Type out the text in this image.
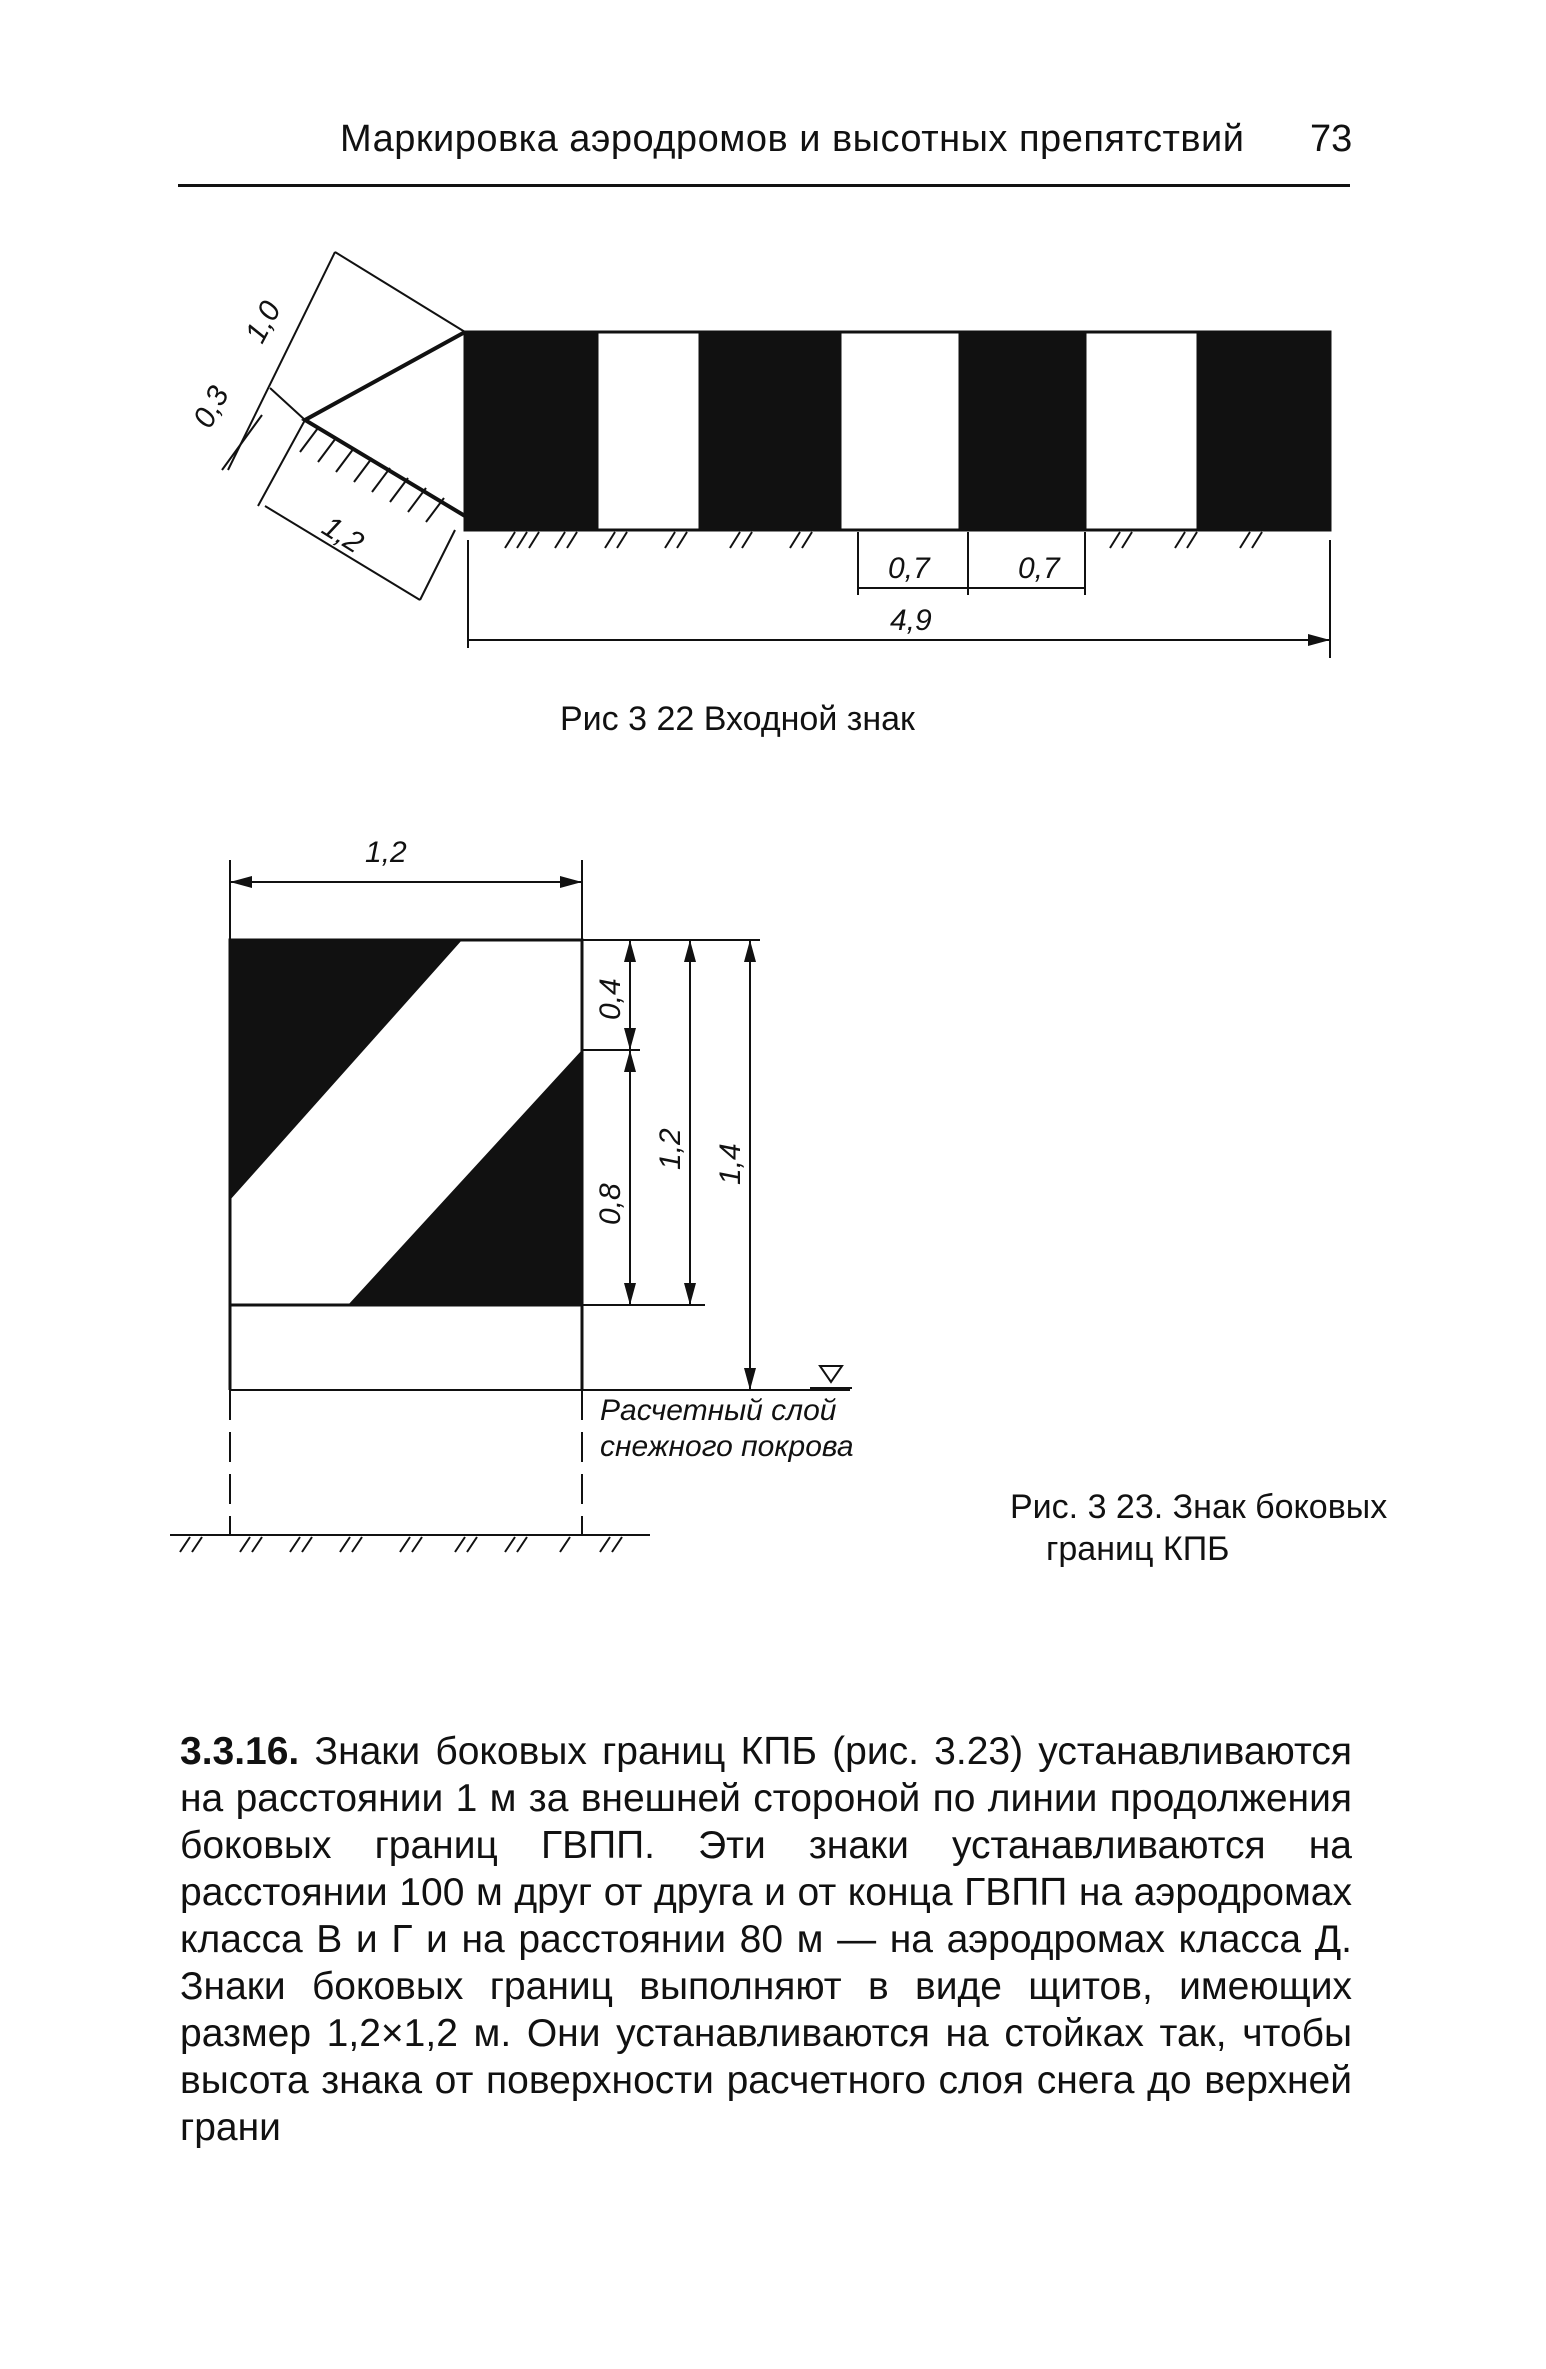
Маркировка аэродромов и высотных препятствий 73
1,0
0,3
1,2
0,7	0,7
4,9
1,2
0,4
0,8
1,2 1,4
Расчетный слой
снежного покрова
Рис 3 22 Входной знак
Рис. 3 23. Знак боковых
границ КПБ
3.3.16. Знаки боковых границ КПБ (рис. 3.23) устанавливаются на расстоянии 1 м за внешней стороной по линии продолжения боковых границ ГВПП. Эти знаки устанавливаются на расстоянии 100 м друг от друга и от конца ГВПП на аэродромах класса В и Г и на расстоянии 80 м — на аэродромах класса Д. Знаки боковых границ выполняют в виде щитов, имеющих размер 1,2×1,2 м. Они устанавливаются на стойках так, чтобы высота знака от поверхности расчетного слоя снега до верхней грани
